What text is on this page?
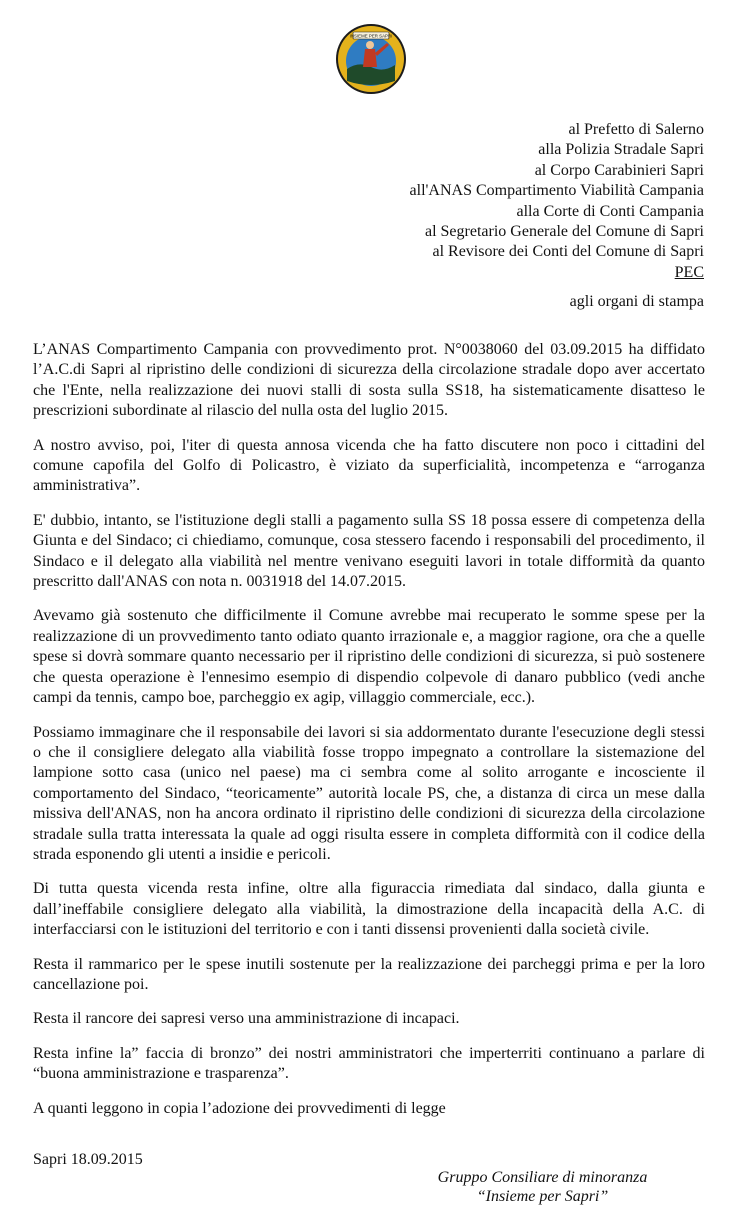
INSIEME PER SAPRI
al Prefetto di Salerno
alla Polizia Stradale Sapri
al Corpo Carabinieri Sapri
all'ANAS Compartimento Viabilità Campania
alla Corte di Conti Campania
al Segretario Generale del Comune di Sapri
al Revisore dei Conti del Comune di Sapri
PEC

agli organi di stampa

L’ANAS Compartimento Campania con provvedimento prot. N°0038060 del 03.09.2015 ha diffidato l’A.C.di Sapri al ripristino delle condizioni di sicurezza della circolazione stradale dopo aver accertato che l'Ente, nella realizzazione dei nuovi stalli di sosta sulla SS18, ha sistematicamente disatteso le prescrizioni subordinate al rilascio del nulla osta del luglio 2015.

A nostro avviso, poi, l'iter di questa annosa vicenda che ha fatto discutere non poco i cittadini del comune capofila del Golfo di Policastro, è viziato da superficialità, incompetenza e “arroganza amministrativa”.

E' dubbio, intanto, se l'istituzione degli stalli a pagamento sulla SS 18 possa essere di competenza della Giunta e del Sindaco; ci chiediamo, comunque, cosa stessero facendo i responsabili del procedimento, il Sindaco e il delegato alla viabilità nel mentre venivano eseguiti lavori in totale difformità da quanto prescritto dall'ANAS con nota n. 0031918 del 14.07.2015.

Avevamo già sostenuto che difficilmente il Comune avrebbe mai recuperato le somme spese per la realizzazione di un provvedimento tanto odiato quanto irrazionale e, a maggior ragione, ora che a quelle spese si dovrà sommare quanto necessario per il ripristino delle condizioni di sicurezza, si può sostenere che questa operazione è l'ennesimo esempio di dispendio colpevole di danaro pubblico (vedi anche campi da tennis, campo boe, parcheggio ex agip, villaggio commerciale, ecc.).

Possiamo immaginare che il responsabile dei lavori si sia addormentato durante l'esecuzione degli stessi o che il consigliere delegato alla viabilità fosse troppo impegnato a controllare la sistemazione del lampione sotto casa (unico nel paese) ma ci sembra come al solito arrogante e incosciente il comportamento del Sindaco, “teoricamente” autorità locale PS, che, a distanza di circa un mese dalla missiva dell'ANAS, non ha ancora ordinato il ripristino delle condizioni di sicurezza della circolazione stradale sulla tratta interessata la quale ad oggi risulta essere in completa difformità con il codice della strada esponendo gli utenti a insidie e pericoli.

Di tutta questa vicenda resta infine, oltre alla figuraccia rimediata dal sindaco, dalla giunta e dall’ineffabile consigliere delegato alla viabilità, la dimostrazione della incapacità della A.C. di interfacciarsi con le istituzioni del territorio e con i tanti dissensi provenienti dalla società civile.

Resta il rammarico per le spese inutili sostenute per la realizzazione dei parcheggi prima e per la loro cancellazione poi.

Resta il rancore dei sapresi verso una amministrazione di incapaci.

Resta infine la” faccia di bronzo” dei nostri amministratori che imperterriti continuano a parlare di “buona amministrazione e trasparenza”.

A quanti leggono in copia l’adozione dei provvedimenti di legge

Sapri 18.09.2015

Gruppo Consiliare di minoranza
“Insieme per Sapri”
